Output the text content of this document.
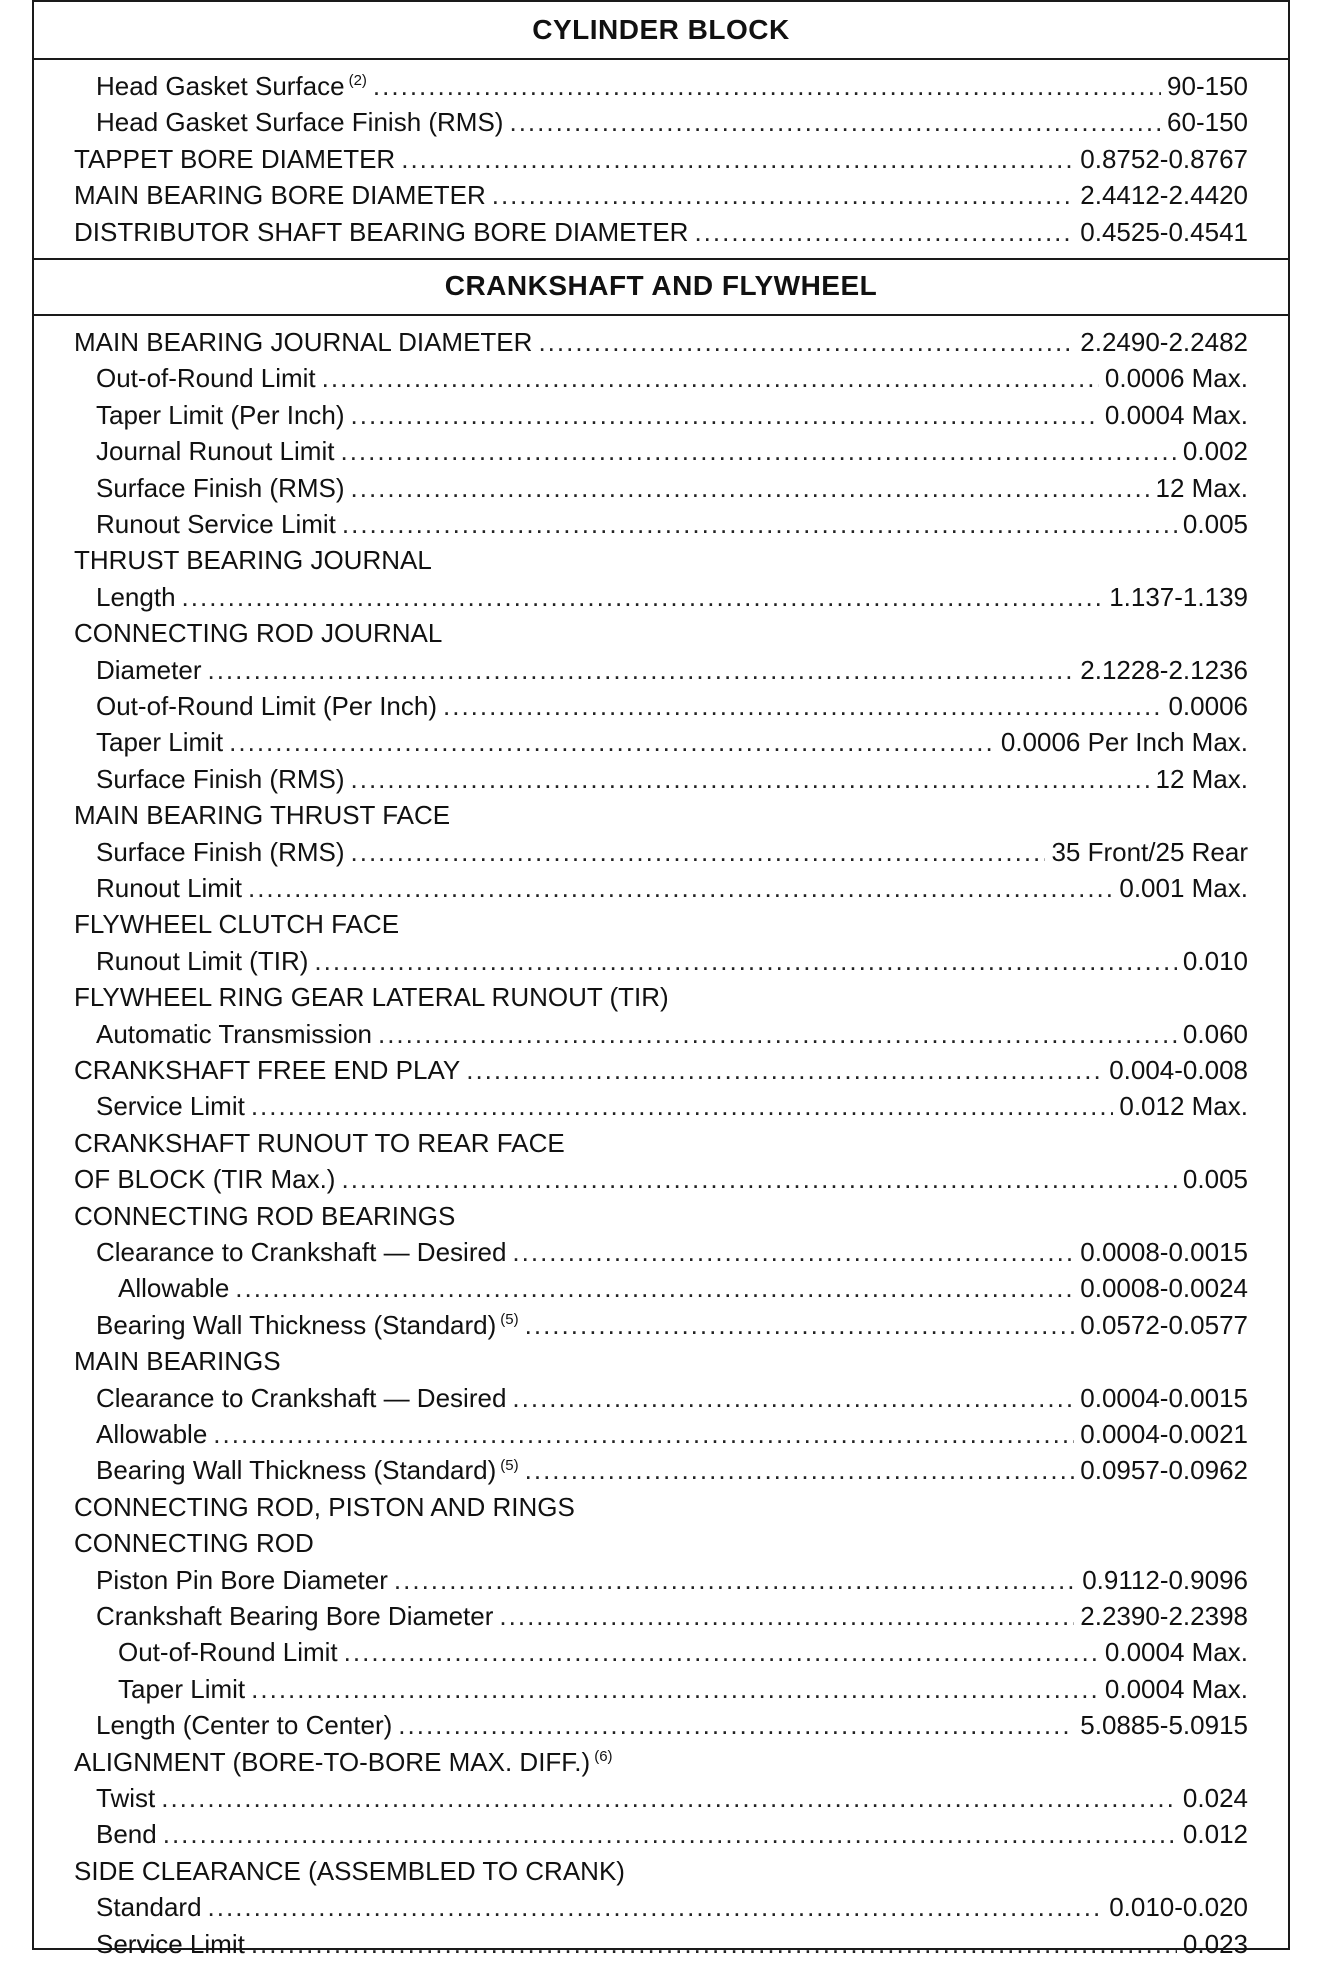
CYLINDER BLOCK
Head Gasket Surface $^{(2)}$ .....	90-150
Head Gasket Surface Finish (RMS) .....	60-150
TAPPET BORE DIAMETER .....	0.8752-0.8767
MAIN BEARING BORE DIAMETER .....	2.4412-2.4420
DISTRIBUTOR SHAFT BEARING BORE DIAMETER .....	0.4525-0.4541
CRANKSHAFT AND FLYWHEEL
MAIN BEARING JOURNAL DIAMETER .....	2.2490-2.2482
Out-of-Round Limit .....	0.0006 Max.
Taper Limit (Per Inch) .....	0.0004 Max.
Journal Runout Limit .....	0.002
Surface Finish (RMS) .....	12 Max.
Runout Service Limit .....	0.005
THRUST BEARING JOURNAL
Length .....	1.137-1.139
CONNECTING ROD JOURNAL
Diameter .....	2.1228-2.1236
Out-of-Round Limit (Per Inch) .....	0.0006
Taper Limit .....	0.0006 Per Inch Max.
Surface Finish (RMS) .....	12 Max.
MAIN BEARING THRUST FACE
Surface Finish (RMS) .....	35 Front/25 Rear
Runout Limit .....	0.001 Max.
FLYWHEEL CLUTCH FACE
Runout Limit (TIR) .....	0.010
FLYWHEEL RING GEAR LATERAL RUNOUT (TIR)
Automatic Transmission .....	0.060
CRANKSHAFT FREE END PLAY .....	0.004-0.008
Service Limit .....	0.012 Max.
CRANKSHAFT RUNOUT TO REAR FACE
OF BLOCK (TIR Max.) .....	0.005
CONNECTING ROD BEARINGS
Clearance to Crankshaft — Desired .....	0.0008-0.0015
Allowable .....	0.0008-0.0024
Bearing Wall Thickness (Standard) $^{(5)}$ .....	0.0572-0.0577
MAIN BEARINGS
Clearance to Crankshaft — Desired .....	0.0004-0.0015
Allowable .....	0.0004-0.0021
Bearing Wall Thickness (Standard) $^{(5)}$ .....	0.0957-0.0962
CONNECTING ROD, PISTON AND RINGS
CONNECTING ROD
Piston Pin Bore Diameter .....	0.9112-0.9096
Crankshaft Bearing Bore Diameter .....	2.2390-2.2398
Out-of-Round Limit .....	0.0004 Max.
Taper Limit .....	0.0004 Max.
Length (Center to Center) .....	5.0885-5.0915
ALIGNMENT (BORE-TO-BORE MAX. DIFF.) $^{(6)}$
Twist .....	0.024
Bend .....	0.012
SIDE CLEARANCE (ASSEMBLED TO CRANK)
Standard .....	0.010-0.020
Service Limit .....	0.023
